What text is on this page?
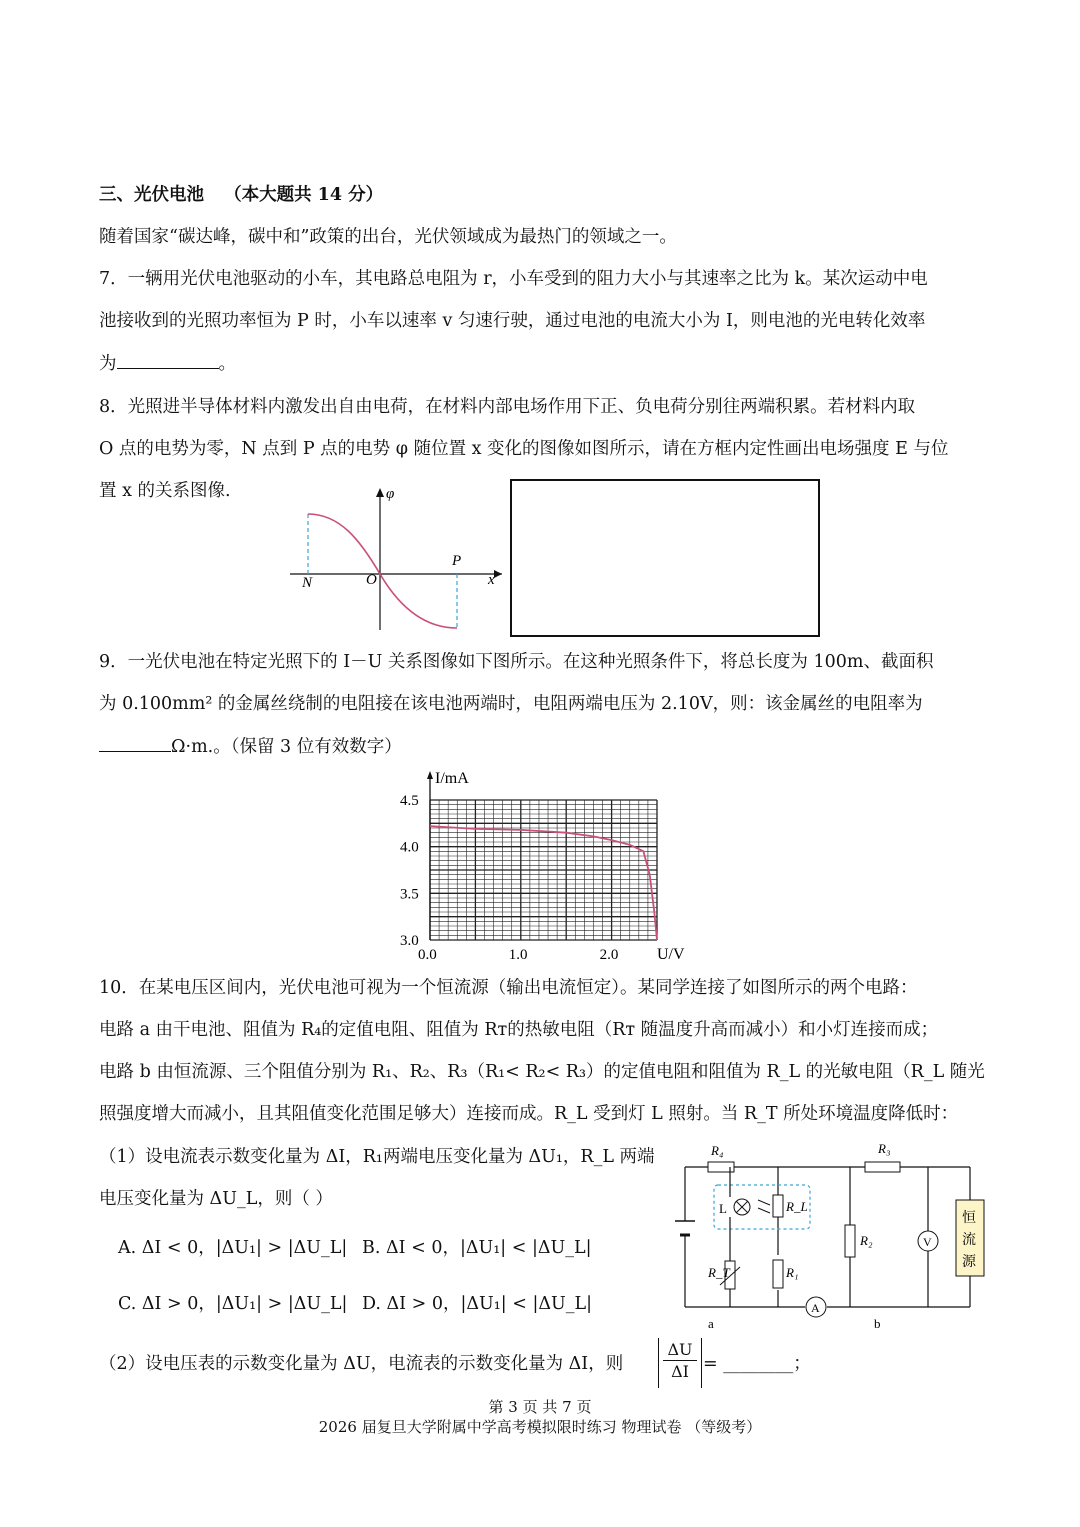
三、光伏电池 （本大题共 14 分）
随着国家“碳达峰，碳中和”政策的出台，光伏领域成为最热门的领域之一。
7．一辆用光伏电池驱动的小车，其电路总电阻为 r，小车受到的阻力大小与其速率之比为 k。某次运动中电
池接收到的光照功率恒为 P 时，小车以速率 v 匀速行驶，通过电池的电流大小为 I，则电池的光电转化效率
为	。
8．光照进半导体材料内激发出自由电荷，在材料内部电场作用下正、负电荷分别往两端积累。若材料内取
O 点的电势为零，N 点到 P 点的电势 φ 随位置 x 变化的图像如图所示，请在方框内定性画出电场强度 E 与位
置 x 的关系图像.	φ
x
O
N
P
9．一光伏电池在特定光照下的 I－U 关系图像如下图所示。在这种光照条件下，将总长度为 100m、截面积
为 0.100mm² 的金属丝绕制的电阻接在该电池两端时，电阻两端电压为 2.10V，则：该金属丝的电阻率为
Ω·m.。（保留 3 位有效数字）
3.0
3.5
4.0
4.5
0.0	1.0	2.0
I/mA
U/V
10．在某电压区间内，光伏电池可视为一个恒流源（输出电流恒定）。某同学连接了如图所示的两个电路：
电路 a 由干电池、阻值为 R₄的定值电阻、阻值为 Rᴛ的热敏电阻（Rᴛ 随温度升高而减小）和小灯连接而成；
电路 b 由恒流源、三个阻值分别为 R₁、R₂、R₃（R₁< R₂< R₃）的定值电阻和阻值为 R_L 的光敏电阻（R_L 随光
照强度增大而减小，且其阻值变化范围足够大）连接而成。R_L 受到灯 L 照射。当 R_T 所处环境温度降低时：
（1）设电流表示数变化量为 ΔI，R₁两端电压变化量为 ΔU₁，R_L 两端
电压变化量为 ΔU_L，则（ ）
A. ΔI < 0，|ΔU₁| > |ΔU_L| B. ΔI < 0，|ΔU₁| < |ΔU_L|
C. ΔI > 0，|ΔU₁| > |ΔU_L| D. ΔI > 0，|ΔU₁| < |ΔU_L|
（2）设电压表的示数变化量为 ΔU，电流表的示数变化量为 ΔI，则 $\frac{\Delta U}{\Delta I}$ = ________；
R₄
L	R_L
R_T	R₁
A
R₃
R₂	V
恒
流
源
a	b
第 3 页 共 7 页
2026 届复旦大学附属中学高考模拟限时练习 物理试卷 （等级考）
